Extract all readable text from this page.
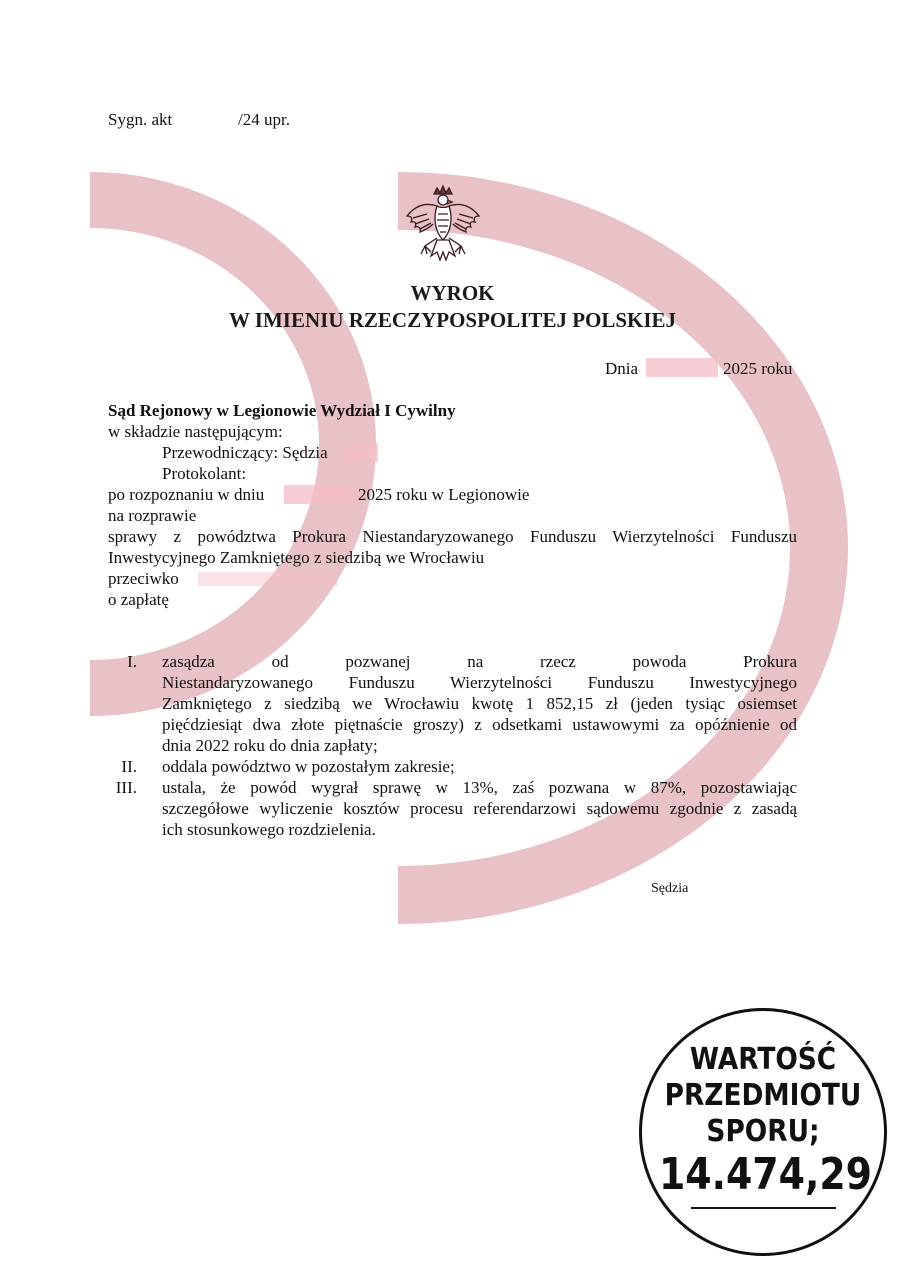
Sygn. akt	/24 upr.
WYROK
W IMIENIU RZECZYPOSPOLITEJ POLSKIEJ
Dnia	2025 roku
Sąd Rejonowy w Legionowie Wydział I Cywilny
w składzie następującym:
Przewodniczący: Sędzia
Protokolant:
po rozpoznaniu w dniu	2025 roku w Legionowie
na rozprawie
sprawy z powództwa Prokura Niestandaryzowanego Funduszu Wierzytelności Funduszu
Inwestycyjnego Zamkniętego z siedzibą we Wrocławiu
przeciwko
o zapłatę
I. zasądza od pozwanej na rzecz powoda Prokura
Niestandaryzowanego Funduszu Wierzytelności Funduszu Inwestycyjnego
Zamkniętego z siedzibą we Wrocławiu kwotę 1 852,15 zł (jeden tysiąc osiemset
pięćdziesiąt dwa złote piętnaście groszy) z odsetkami ustawowymi za opóźnienie od
dnia 2022 roku do dnia zapłaty;
II. oddala powództwo w pozostałym zakresie;
III. ustala, że powód wygrał sprawę w 13%, zaś pozwana w 87%, pozostawiając
szczegółowe wyliczenie kosztów procesu referendarzowi sądowemu zgodnie z zasadą
ich stosunkowego rozdzielenia.
Sędzia
WARTOŚĆ
PRZEDMIOTU
SPORU;
14.474,29
